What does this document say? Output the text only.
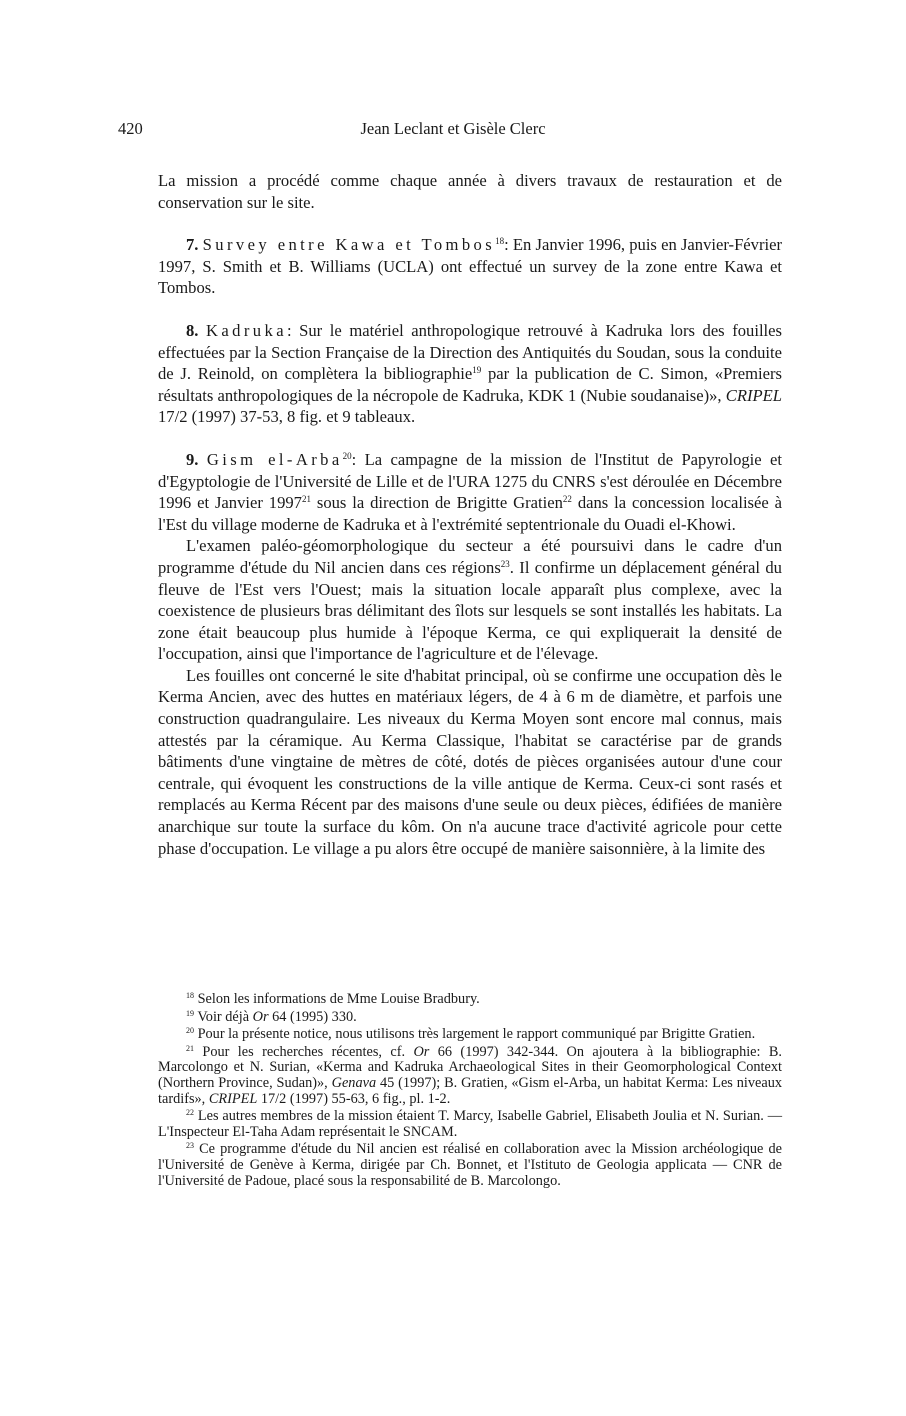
420	Jean Leclant et Gisèle Clerc

La mission a procédé comme chaque année à divers travaux de restauration et de conservation sur le site.

7. Survey entre Kawa et Tombos$^{18}$: En Janvier 1996, puis en Janvier-Février 1997, S. Smith et B. Williams (UCLA) ont effectué un survey de la zone entre Kawa et Tombos.

8. Kadruka: Sur le matériel anthropologique retrouvé à Kadruka lors des fouilles effectuées par la Section Française de la Direction des Antiquités du Soudan, sous la conduite de J. Reinold, on complètera la bibliographie$^{19}$ par la publication de C. Simon, «Premiers résultats anthropologiques de la nécropole de Kadruka, KDK 1 (Nubie soudanaise)», CRIPEL 17/2 (1997) 37-53, 8 fig. et 9 tableaux.

9. Gism el-Arba$^{20}$: La campagne de la mission de l'Institut de Papyrologie et d'Egyptologie de l'Université de Lille et de l'URA 1275 du CNRS s'est déroulée en Décembre 1996 et Janvier 1997$^{21}$ sous la direction de Brigitte Gratien$^{22}$ dans la concession localisée à l'Est du village moderne de Kadruka et à l'extrémité septentrionale du Ouadi el-Khowi.

L'examen paléo-géomorphologique du secteur a été poursuivi dans le cadre d'un programme d'étude du Nil ancien dans ces régions$^{23}$. Il confirme un déplacement général du fleuve de l'Est vers l'Ouest; mais la situation locale apparaît plus complexe, avec la coexistence de plusieurs bras délimitant des îlots sur lesquels se sont installés les habitats. La zone était beaucoup plus humide à l'époque Kerma, ce qui expliquerait la densité de l'occupation, ainsi que l'importance de l'agriculture et de l'élevage.

Les fouilles ont concerné le site d'habitat principal, où se confirme une occupation dès le Kerma Ancien, avec des huttes en matériaux légers, de 4 à 6 m de diamètre, et parfois une construction quadrangulaire. Les niveaux du Kerma Moyen sont encore mal connus, mais attestés par la céramique. Au Kerma Classique, l'habitat se caractérise par de grands bâtiments d'une vingtaine de mètres de côté, dotés de pièces organisées autour d'une cour centrale, qui évoquent les constructions de la ville antique de Kerma. Ceux-ci sont rasés et remplacés au Kerma Récent par des maisons d'une seule ou deux pièces, édifiées de manière anarchique sur toute la surface du kôm. On n'a aucune trace d'activité agricole pour cette phase d'occupation. Le village a pu alors être occupé de manière saisonnière, à la limite des

$^{18}$ Selon les informations de Mme Louise Bradbury.

$^{19}$ Voir déjà Or 64 (1995) 330.

$^{20}$ Pour la présente notice, nous utilisons très largement le rapport communiqué par Brigitte Gratien.

$^{21}$ Pour les recherches récentes, cf. Or 66 (1997) 342-344. On ajoutera à la bibliographie: B. Marcolongo et N. Surian, «Kerma and Kadruka Archaeological Sites in their Geomorphological Context (Northern Province, Sudan)», Genava 45 (1997); B. Gratien, «Gism el-Arba, un habitat Kerma: Les niveaux tardifs», CRIPEL 17/2 (1997) 55-63, 6 fig., pl. 1-2.

$^{22}$ Les autres membres de la mission étaient T. Marcy, Isabelle Gabriel, Elisabeth Joulia et N. Surian. — L'Inspecteur El-Taha Adam représentait le SNCAM.

$^{23}$ Ce programme d'étude du Nil ancien est réalisé en collaboration avec la Mission archéologique de l'Université de Genève à Kerma, dirigée par Ch. Bonnet, et l'Istituto de Geologia applicata — CNR de l'Université de Padoue, placé sous la responsabilité de B. Marcolongo.
